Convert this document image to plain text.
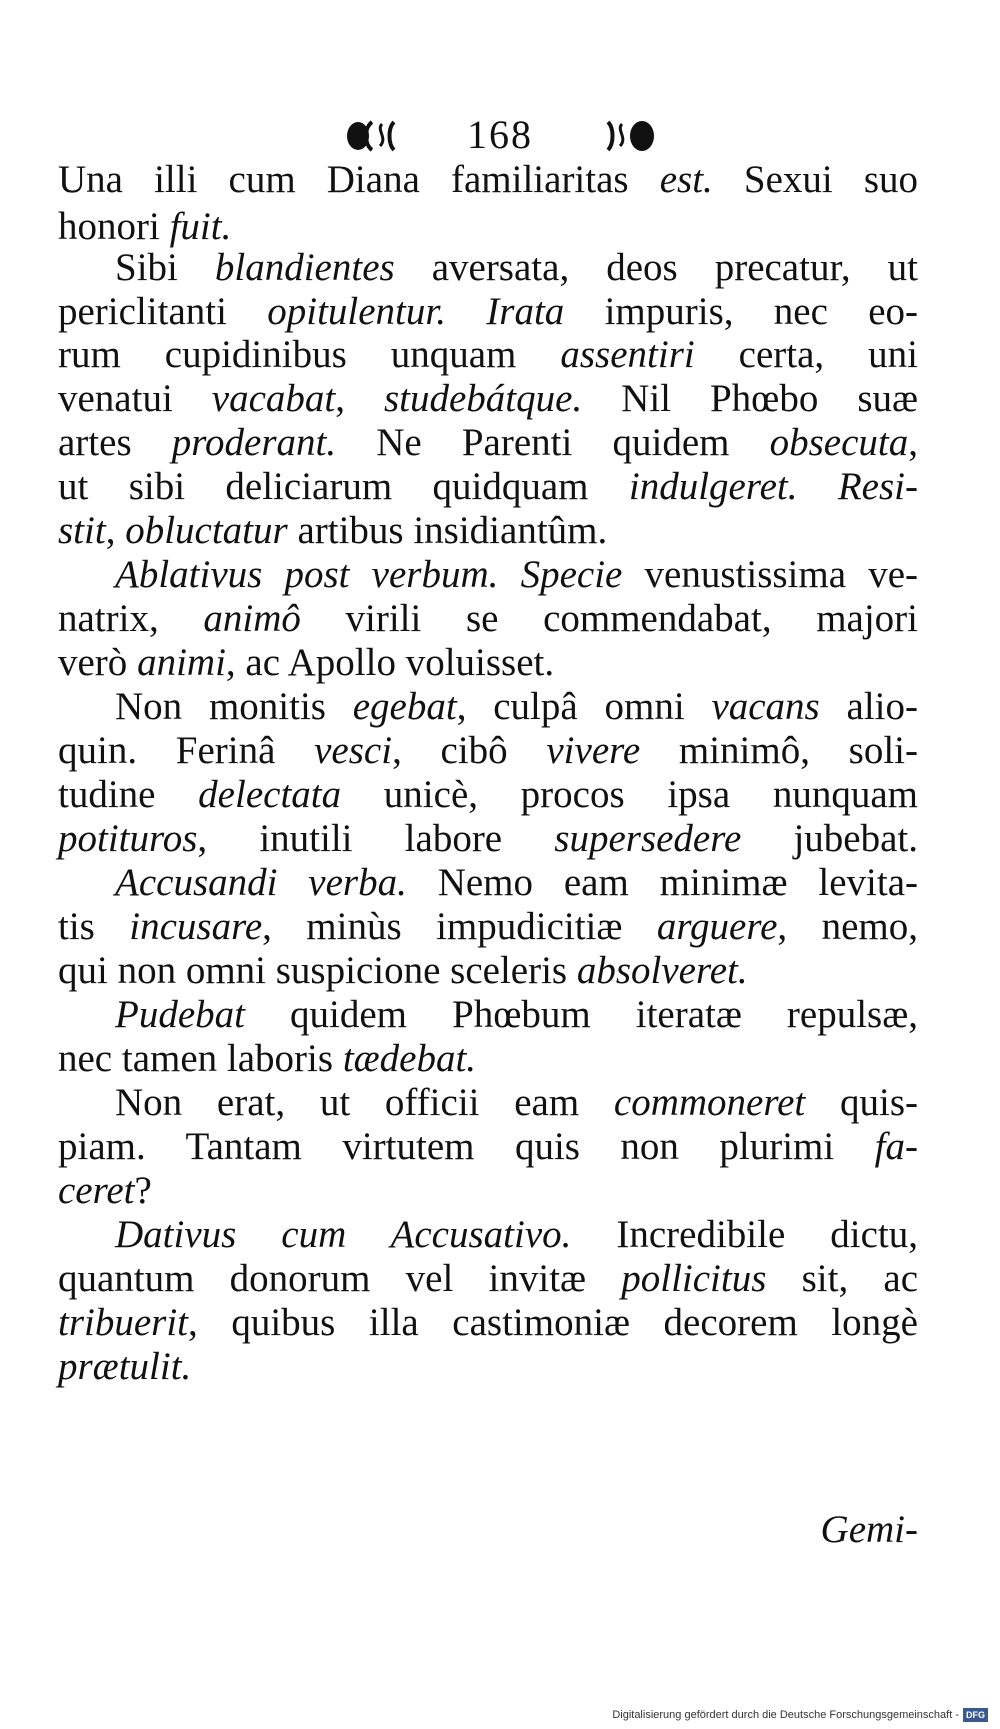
168
Una illi cum Diana familiaritas est. Sexui suo
honori fuit.
Sibi blandientes aversata, deos precatur, ut
periclitanti opitulentur. Irata impuris, nec eo-
rum cupidinibus unquam assentiri certa, uni
venatui vacabat, studebátque. Nil Phœbo suæ
artes proderant. Ne Parenti quidem obsecuta,
ut sibi deliciarum quidquam indulgeret. Resi-
stit, obluctatur artibus insidiantûm.
Ablativus post verbum. Specie venustissima ve-
natrix, animô virili se commendabat, majori
verò animi, ac Apollo voluisset.
Non monitis egebat, culpâ omni vacans alio-
quin. Ferinâ vesci, cibô vivere minimô, soli-
tudine delectata unicè, procos ipsa nunquam
potituros, inutili labore supersedere jubebat.
Accusandi verba. Nemo eam minimæ levita-
tis incusare, minùs impudicitiæ arguere, nemo,
qui non omni suspicione sceleris absolveret.
Pudebat quidem Phœbum iteratæ repulsæ,
nec tamen laboris tædebat.
Non erat, ut officii eam commoneret quis-
piam. Tantam virtutem quis non plurimi fa-
ceret?
Dativus cum Accusativo. Incredibile dictu,
quantum donorum vel invitæ pollicitus sit, ac
tribuerit, quibus illa castimoniæ decorem longè
prætulit.
Gemi-
Digitalisierung gefördert durch die Deutsche Forschungsgemeinschaft - DFG
